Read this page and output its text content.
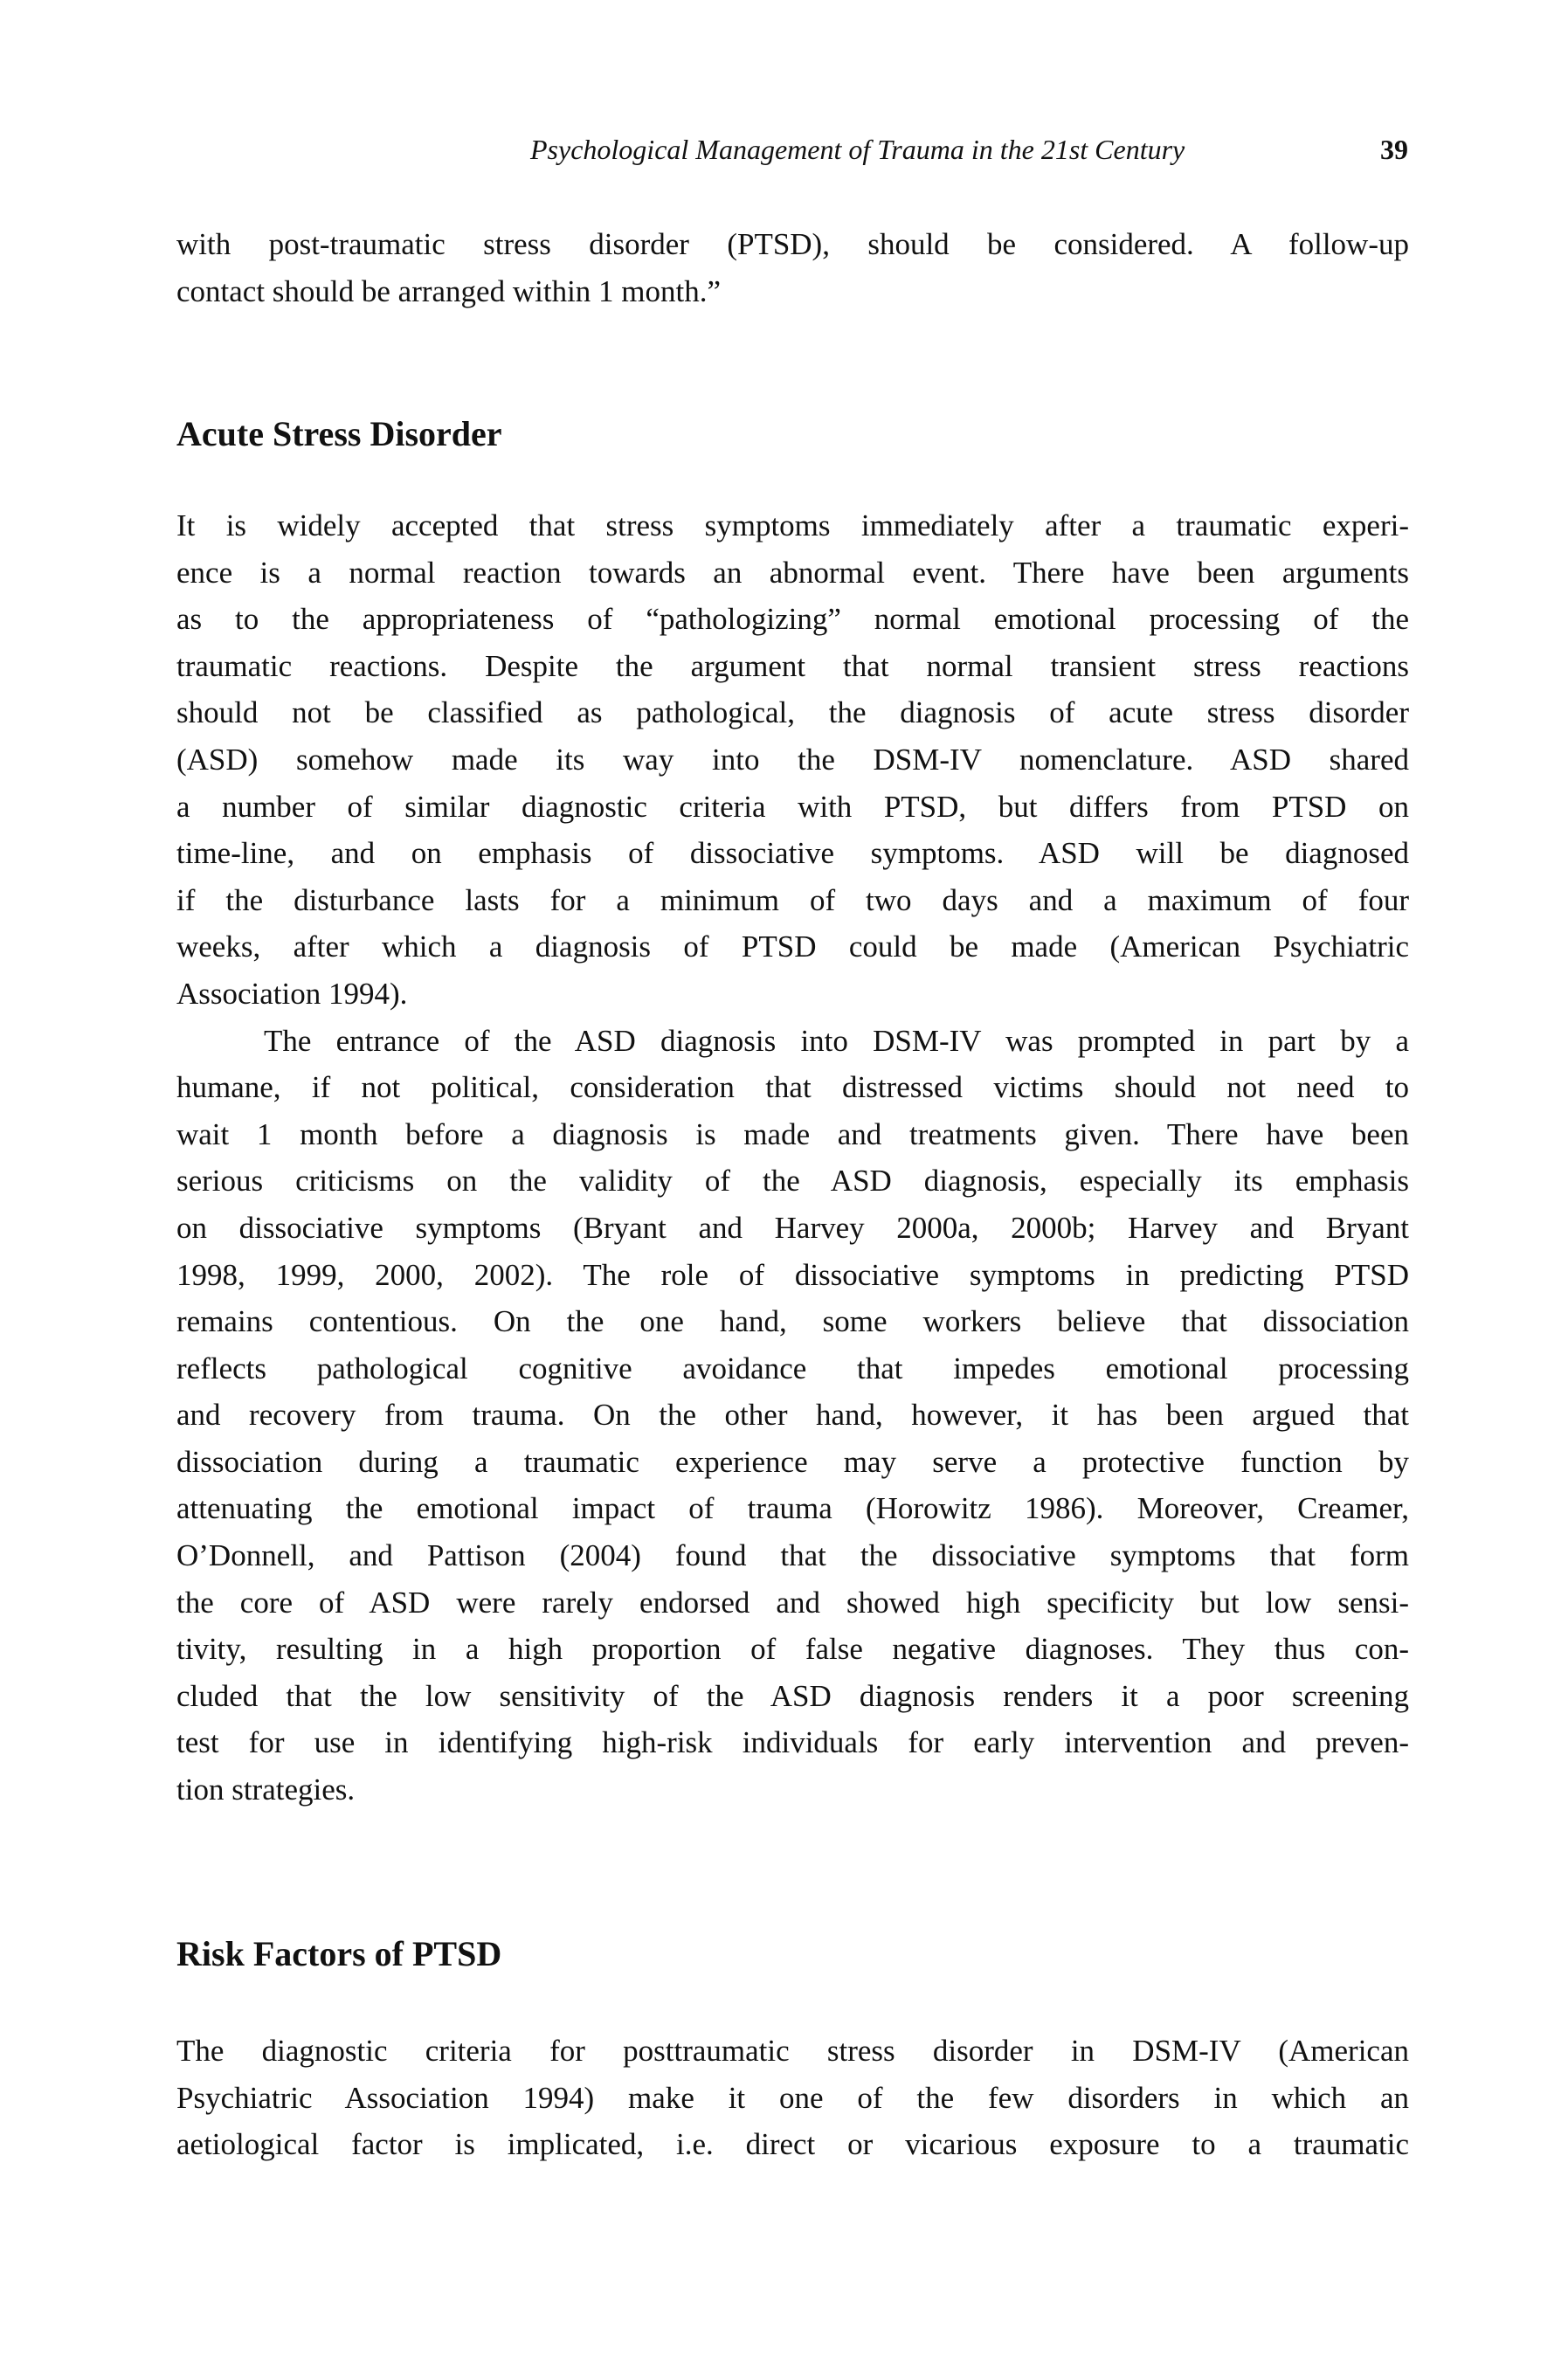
Psychological Management of Trauma in the 21st Century	39
with post-traumatic stress disorder (PTSD), should be considered. A follow-up
contact should be arranged within 1 month.”
Acute Stress Disorder
It is widely accepted that stress symptoms immediately after a traumatic experi-
ence is a normal reaction towards an abnormal event. There have been arguments
as to the appropriateness of “pathologizing” normal emotional processing of the
traumatic reactions. Despite the argument that normal transient stress reactions
should not be classified as pathological, the diagnosis of acute stress disorder
(ASD) somehow made its way into the DSM-IV nomenclature. ASD shared
a number of similar diagnostic criteria with PTSD, but differs from PTSD on
time-line, and on emphasis of dissociative symptoms. ASD will be diagnosed
if the disturbance lasts for a minimum of two days and a maximum of four
weeks, after which a diagnosis of PTSD could be made (American Psychiatric
Association 1994).
The entrance of the ASD diagnosis into DSM-IV was prompted in part by a
humane, if not political, consideration that distressed victims should not need to
wait 1 month before a diagnosis is made and treatments given. There have been
serious criticisms on the validity of the ASD diagnosis, especially its emphasis
on dissociative symptoms (Bryant and Harvey 2000a, 2000b; Harvey and Bryant
1998, 1999, 2000, 2002). The role of dissociative symptoms in predicting PTSD
remains contentious. On the one hand, some workers believe that dissociation
reflects pathological cognitive avoidance that impedes emotional processing
and recovery from trauma. On the other hand, however, it has been argued that
dissociation during a traumatic experience may serve a protective function by
attenuating the emotional impact of trauma (Horowitz 1986). Moreover, Creamer,
O’Donnell, and Pattison (2004) found that the dissociative symptoms that form
the core of ASD were rarely endorsed and showed high specificity but low sensi-
tivity, resulting in a high proportion of false negative diagnoses. They thus con-
cluded that the low sensitivity of the ASD diagnosis renders it a poor screening
test for use in identifying high-risk individuals for early intervention and preven-
tion strategies.
Risk Factors of PTSD
The diagnostic criteria for posttraumatic stress disorder in DSM-IV (American
Psychiatric Association 1994) make it one of the few disorders in which an
aetiological factor is implicated, i.e. direct or vicarious exposure to a traumatic
